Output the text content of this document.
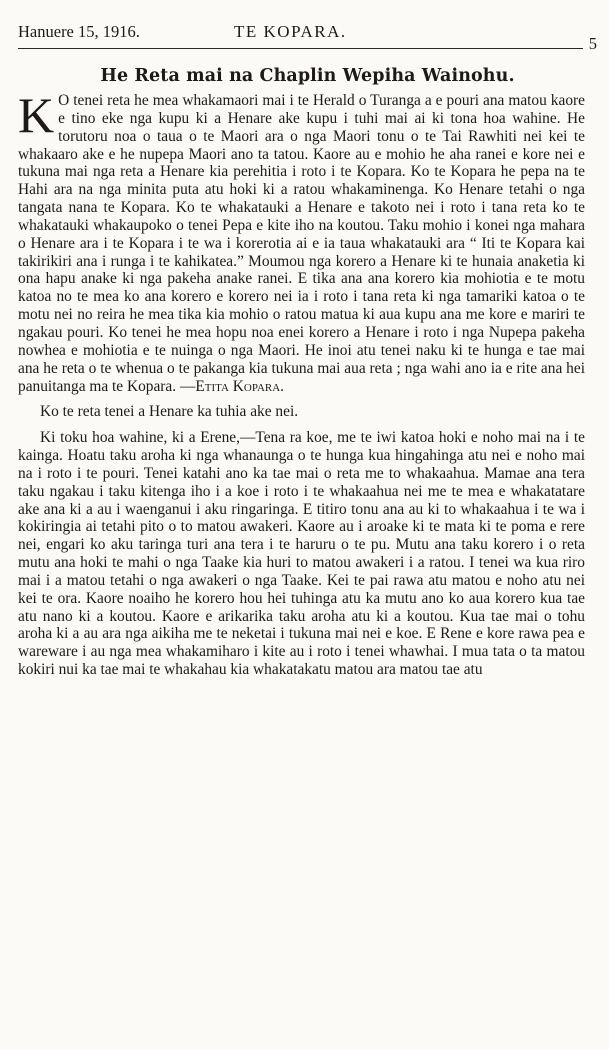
Hanuere 15, 1916.	TE KOPARA.
5
He Reta mai na Chaplin Wepiha Wainohu.

K O tenei reta he mea whakamaori mai i te Herald o Turanga a e pouri ana matou kaore e tino eke nga kupu ki a Henare ake kupu i tuhi mai ai ki tona hoa wahine. He torutoru noa o taua o te Maori ara o nga Maori tonu o te Tai Rawhiti nei kei te whakaaro ake e he nupepa Maori ano ta tatou. Kaore au e mohio he aha ranei e kore nei e tukuna mai nga reta a Henare kia perehitia i roto i te Kopara. Ko te Kopara he pepa na te Hahi ara na nga minita puta atu hoki ki a ratou whakaminenga. Ko Henare tetahi o nga tangata nana te Kopara. Ko te whakatauki a Henare e takoto nei i roto i tana reta ko te whakatauki whakaupoko o tenei Pepa e kite iho na koutou. Taku mohio i konei nga mahara o Henare ara i te Kopara i te wa i korerotia ai e ia taua whakatauki ara “ Iti te Kopara kai takirikiri ana i runga i te kahikatea.” Moumou nga korero a Henare ki te hunaia anaketia ki ona hapu anake ki nga pakeha anake ranei. E tika ana ana korero kia mohiotia e te motu katoa no te mea ko ana korero e korero nei ia i roto i tana reta ki nga tamariki katoa o te motu nei no reira he mea tika kia mohio o ratou matua ki aua kupu ana me kore e mariri te ngakau pouri. Ko tenei he mea hopu noa enei korero a Henare i roto i nga Nupepa pakeha nowhea e mohiotia e te nuinga o nga Maori. He inoi atu tenei naku ki te hunga e tae mai ana he reta o te whenua o te pakanga kia tukuna mai aua reta ; nga wahi ano ia e rite ana hei panuitanga ma te Kopara. —Etita Kopara.

Ko te reta tenei a Henare ka tuhia ake nei.

Ki toku hoa wahine, ki a Erene,—Tena ra koe, me te iwi katoa hoki e noho mai na i te kainga. Hoatu taku aroha ki nga whanaunga o te hunga kua hingahinga atu nei e noho mai na i roto i te pouri. Tenei katahi ano ka tae mai o reta me to whakaahua. Mamae ana tera taku ngakau i taku kitenga iho i a koe i roto i te whakaahua nei me te mea e whakatatare ake ana ki a au i waenganui i aku ringaringa. E titiro tonu ana au ki to whakaahua i te wa i kokiringia ai tetahi pito o to matou awakeri. Kaore au i aroake ki te mata ki te poma e rere nei, engari ko aku taringa turi ana tera i te haruru o te pu. Mutu ana taku korero i o reta mutu ana hoki te mahi o nga Taake kia huri to matou awakeri i a ratou. I tenei wa kua riro mai i a matou tetahi o nga awakeri o nga Taake. Kei te pai rawa atu matou e noho atu nei kei te ora. Kaore noaiho he korero hou hei tuhinga atu ka mutu ano ko aua korero kua tae atu nano ki a koutou. Kaore e arikarika taku aroha atu ki a koutou. Kua tae mai o tohu aroha ki a au ara nga aikiha me te neketai i tukuna mai nei e koe. E Rene e kore rawa pea e wareware i au nga mea whakamiharo i kite au i roto i tenei whawhai. I mua tata o ta matou kokiri nui ka tae mai te whakahau kia whakatakatu matou ara matou tae atu
